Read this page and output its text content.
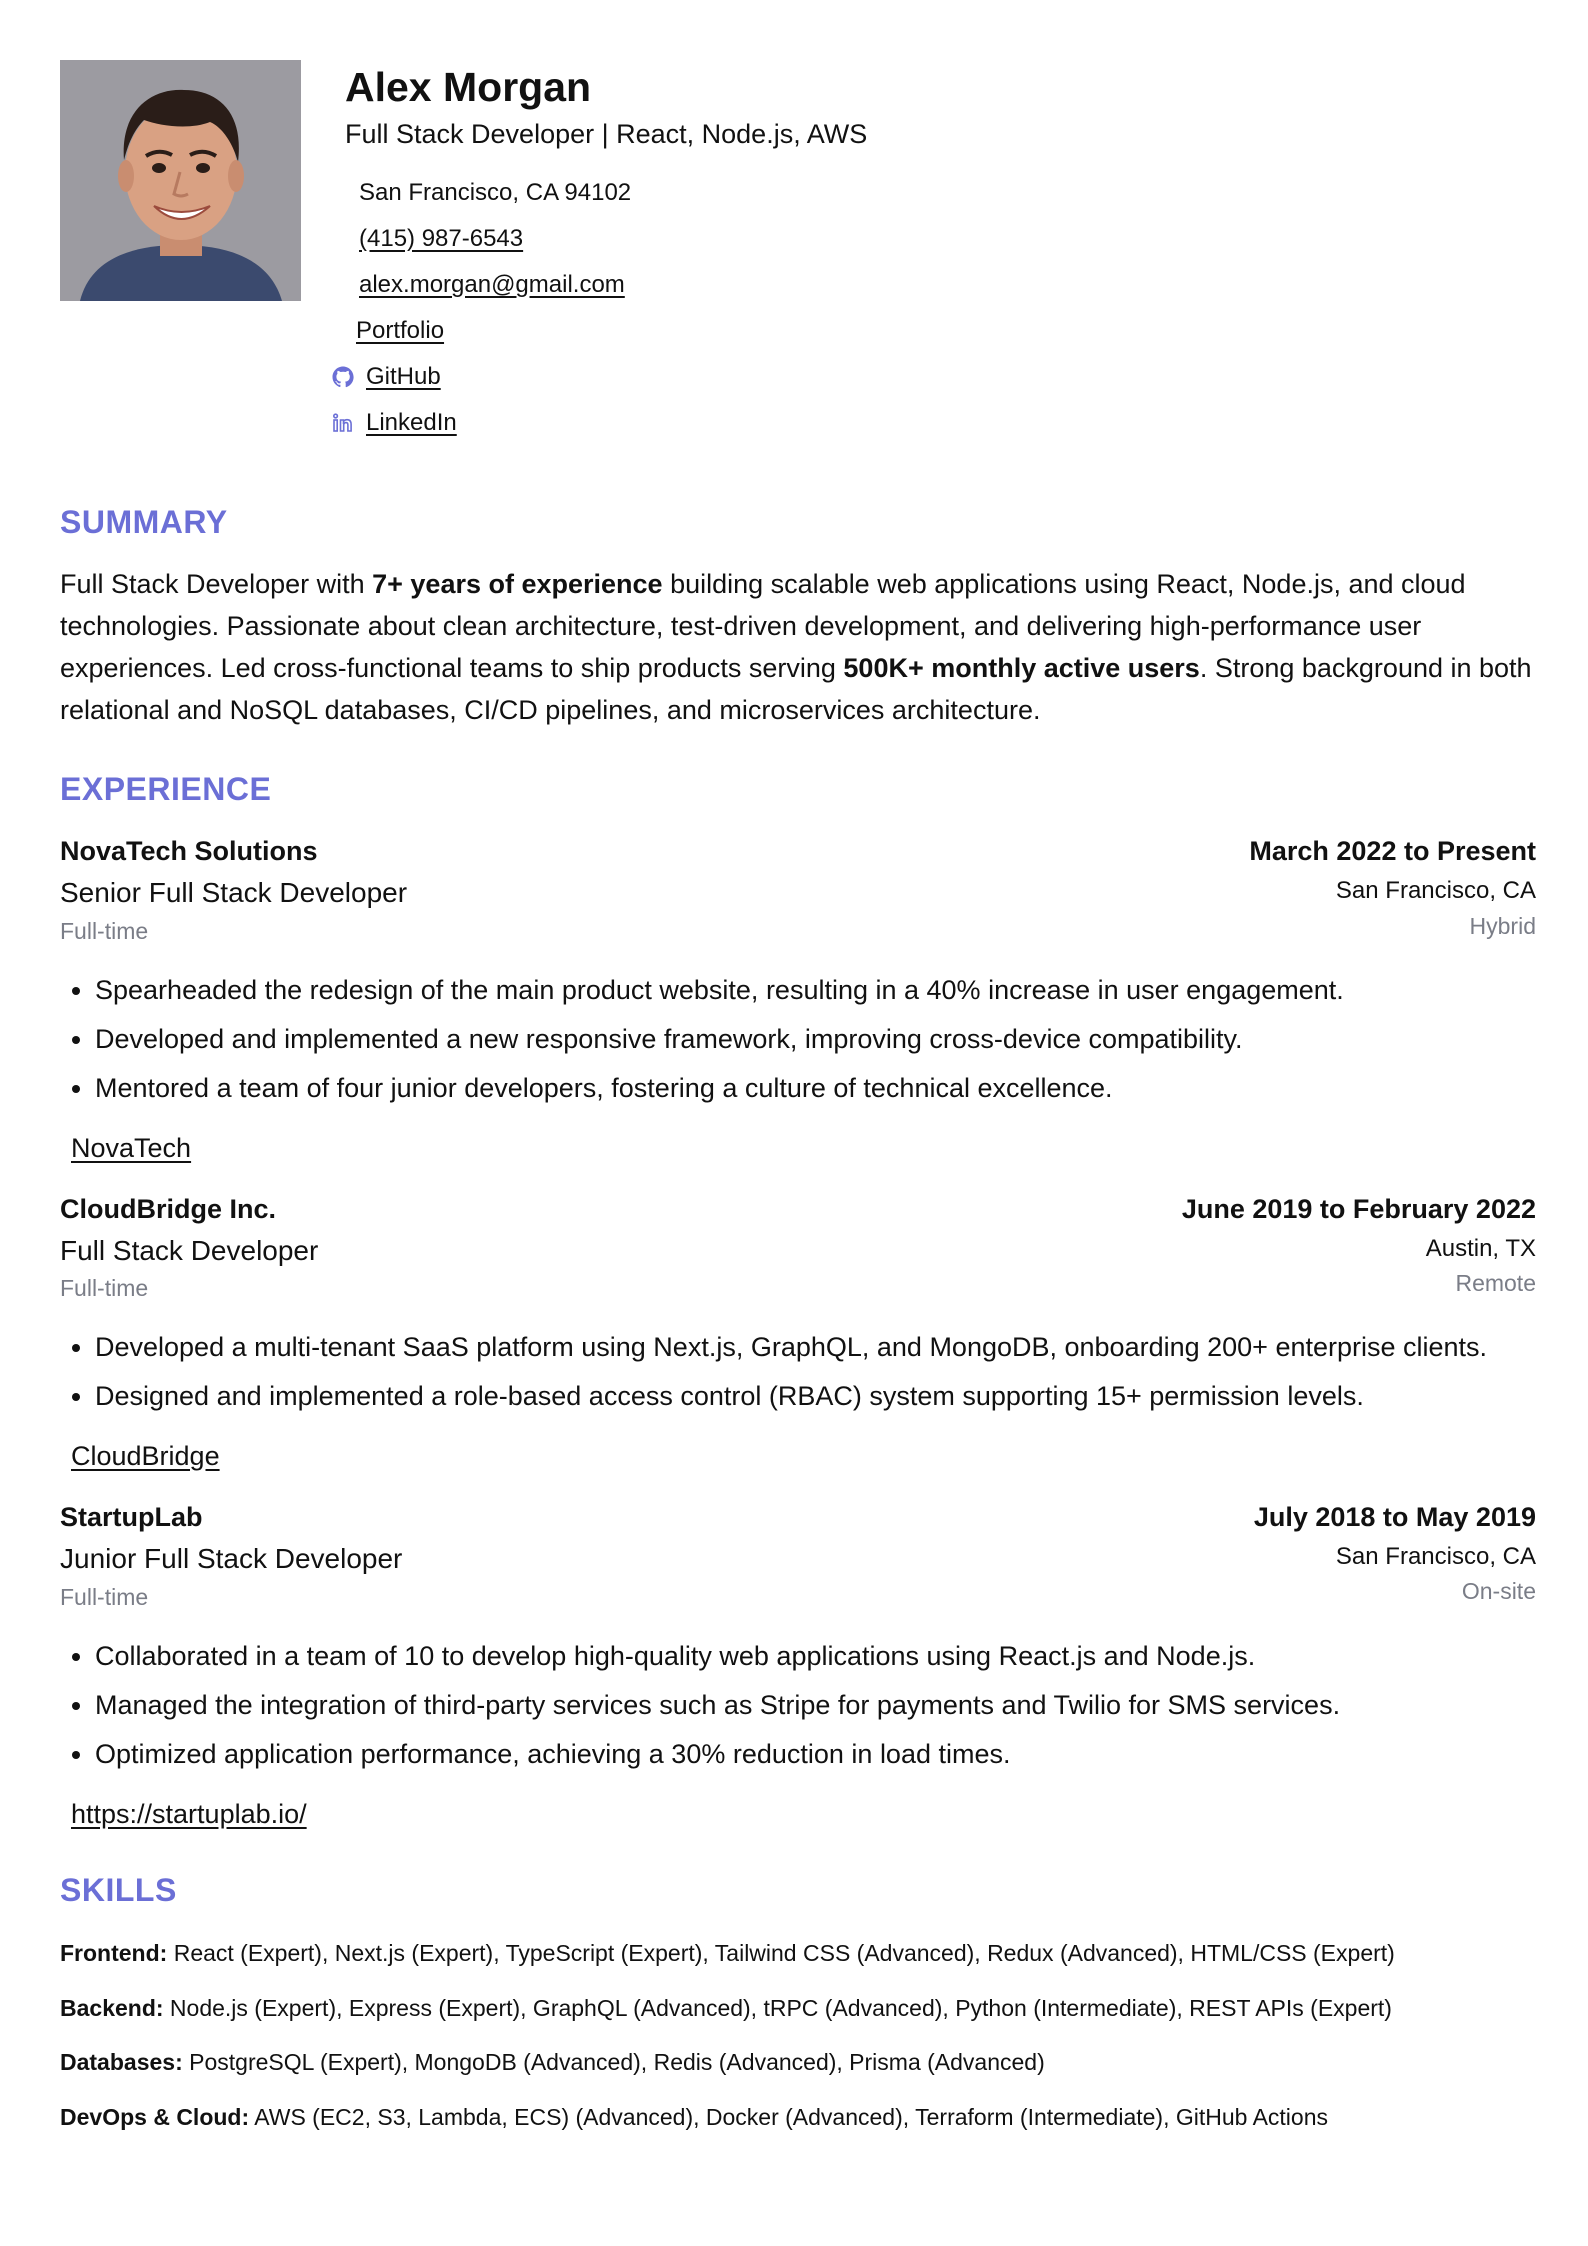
Alex Morgan
Full Stack Developer | React, Node.js, AWS
San Francisco, CA 94102
(415) 987-6543
alex.morgan@gmail.com
Portfolio
GitHub
LinkedIn
SUMMARY
Full Stack Developer with 7+ years of experience building scalable web applications using React, Node.js, and cloud technologies. Passionate about clean architecture, test-driven development, and delivering high-performance user experiences. Led cross-functional teams to ship products serving 500K+ monthly active users. Strong background in both relational and NoSQL databases, CI/CD pipelines, and microservices architecture.
EXPERIENCE
NovaTech Solutions
Senior Full Stack Developer
Full-time
March 2022 to Present
San Francisco, CA
Hybrid
• Spearheaded the redesign of the main product website, resulting in a 40% increase in user engagement.
• Developed and implemented a new responsive framework, improving cross-device compatibility.
• Mentored a team of four junior developers, fostering a culture of technical excellence.
NovaTech
CloudBridge Inc.
Full Stack Developer
Full-time
June 2019 to February 2022
Austin, TX
Remote
• Developed a multi-tenant SaaS platform using Next.js, GraphQL, and MongoDB, onboarding 200+ enterprise clients.
• Designed and implemented a role-based access control (RBAC) system supporting 15+ permission levels.
CloudBridge
StartupLab
Junior Full Stack Developer
Full-time
July 2018 to May 2019
San Francisco, CA
On-site
• Collaborated in a team of 10 to develop high-quality web applications using React.js and Node.js.
• Managed the integration of third-party services such as Stripe for payments and Twilio for SMS services.
• Optimized application performance, achieving a 30% reduction in load times.
https://startuplab.io/
SKILLS
Frontend: React (Expert), Next.js (Expert), TypeScript (Expert), Tailwind CSS (Advanced), Redux (Advanced), HTML/CSS (Expert)
Backend: Node.js (Expert), Express (Expert), GraphQL (Advanced), tRPC (Advanced), Python (Intermediate), REST APIs (Expert)
Databases: PostgreSQL (Expert), MongoDB (Advanced), Redis (Advanced), Prisma (Advanced)
DevOps & Cloud: AWS (EC2, S3, Lambda, ECS) (Advanced), Docker (Advanced), Terraform (Intermediate), GitHub Actions
